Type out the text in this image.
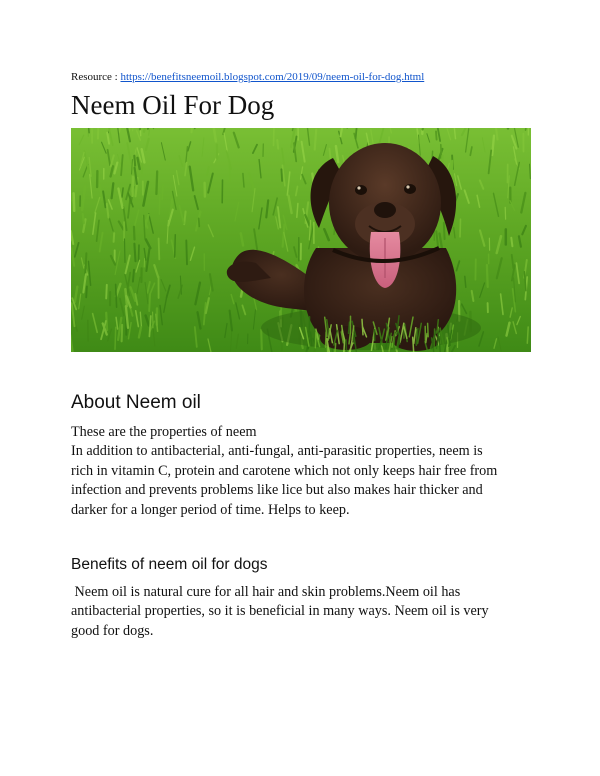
Resource : https://benefitsneemoil.blogspot.com/2019/09/neem-oil-for-dog.html
Neem Oil For Dog
About Neem oil

These are the properties of neem
In addition to antibacterial, anti-fungal, anti-parasitic properties, neem is
rich in vitamin C, protein and carotene which not only keeps hair free from
infection and prevents problems like lice but also makes hair thicker and
darker for a longer period of time. Helps to keep.

Benefits of neem oil for dogs

Neem oil is natural cure for all hair and skin problems.Neem oil has
antibacterial properties, so it is beneficial in many ways. Neem oil is very
good for dogs.
